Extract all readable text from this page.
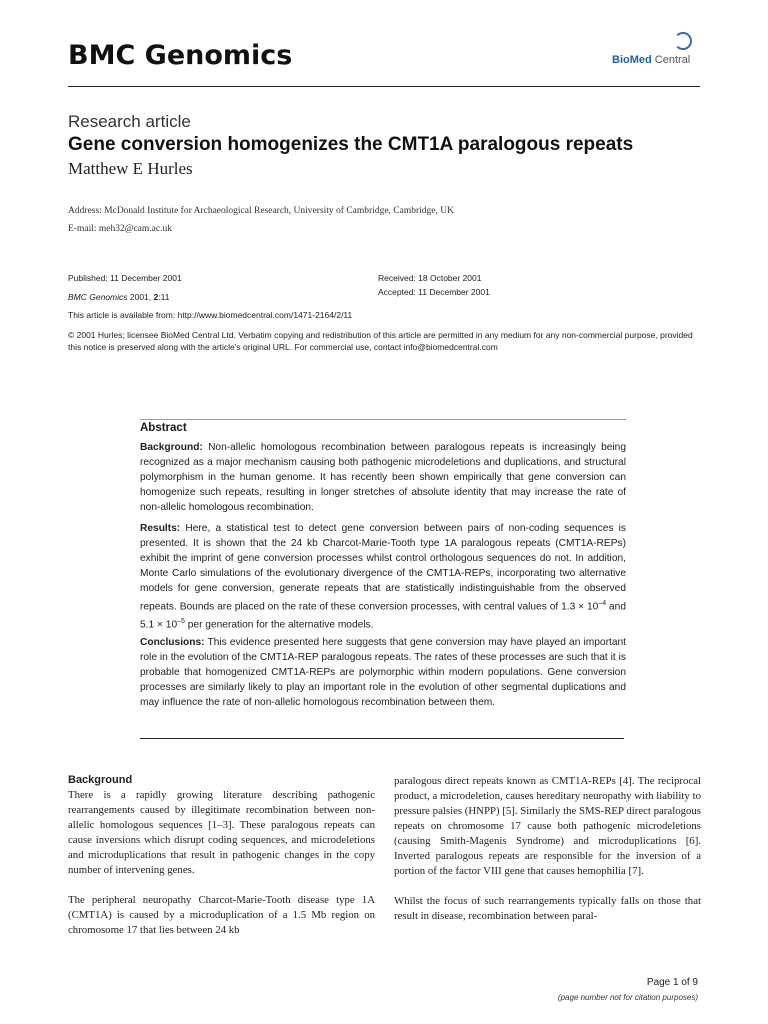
BMC Genomics	BioMed Central
Research article
Gene conversion homogenizes the CMT1A paralogous repeats
Matthew E Hurles
Address: McDonald Institute for Archaeological Research, University of Cambridge, Cambridge, UK
E-mail: meh32@cam.ac.uk
Published: 11 December 2001
BMC Genomics 2001, 2:11
Received: 18 October 2001
Accepted: 11 December 2001
This article is available from: http://www.biomedcentral.com/1471-2164/2/11
© 2001 Hurles; licensee BioMed Central Ltd. Verbatim copying and redistribution of this article are permitted in any medium for any non-commercial purpose, provided this notice is preserved along with the article's original URL. For commercial use, contact info@biomedcentral.com
Abstract
Background: Non-allelic homologous recombination between paralogous repeats is increasingly being recognized as a major mechanism causing both pathogenic microdeletions and duplications, and structural polymorphism in the human genome. It has recently been shown empirically that gene conversion can homogenize such repeats, resulting in longer stretches of absolute identity that may increase the rate of non-allelic homologous recombination.
Results: Here, a statistical test to detect gene conversion between pairs of non-coding sequences is presented. It is shown that the 24 kb Charcot-Marie-Tooth type 1A paralogous repeats (CMT1A-REPs) exhibit the imprint of gene conversion processes whilst control orthologous sequences do not. In addition, Monte Carlo simulations of the evolutionary divergence of the CMT1A-REPs, incorporating two alternative models for gene conversion, generate repeats that are statistically indistinguishable from the observed repeats. Bounds are placed on the rate of these conversion processes, with central values of $1.3 \times 10^{-4}$ and $5.1 \times 10^{-5}$ per generation for the alternative models.
Conclusions: This evidence presented here suggests that gene conversion may have played an important role in the evolution of the CMT1A-REP paralogous repeats. The rates of these processes are such that it is probable that homogenized CMT1A-REPs are polymorphic within modern populations. Gene conversion processes are similarly likely to play an important role in the evolution of other segmental duplications and may influence the rate of non-allelic homologous recombination between them.
Background
There is a rapidly growing literature describing pathogenic rearrangements caused by illegitimate recombination between non-allelic homologous sequences [1–3]. These paralogous repeats can cause inversions which disrupt coding sequences, and microdeletions and microduplications that result in pathogenic changes in the copy number of intervening genes.
The peripheral neuropathy Charcot-Marie-Tooth disease type 1A (CMT1A) is caused by a microduplication of a 1.5 Mb region on chromosome 17 that lies between 24 kb
paralogous direct repeats known as CMT1A-REPs [4]. The reciprocal product, a microdeletion, causes hereditary neuropathy with liability to pressure palsies (HNPP) [5]. Similarly the SMS-REP direct paralogous repeats on chromosome 17 cause both pathogenic microdeletions (causing Smith-Magenis Syndrome) and microduplications [6]. Inverted paralogous repeats are responsible for the inversion of a portion of the factor VIII gene that causes hemophilia [7].
Whilst the focus of such rearrangements typically falls on those that result in disease, recombination between paral-
Page 1 of 9
(page number not for citation purposes)
